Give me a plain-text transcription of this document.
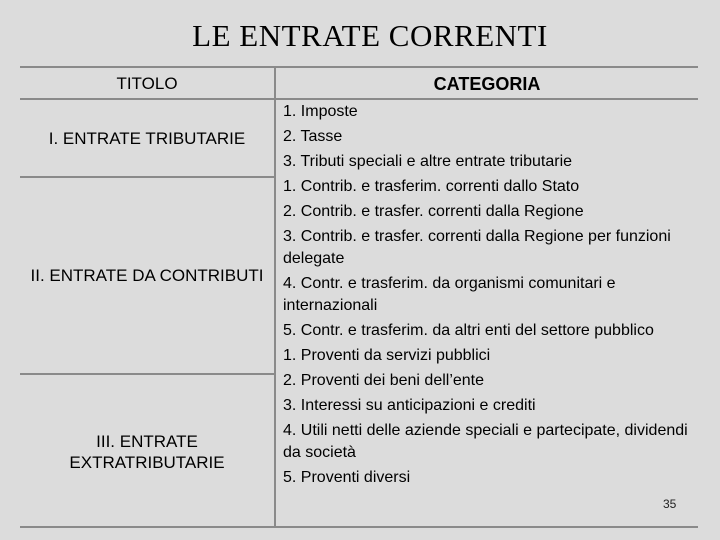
LE ENTRATE CORRENTI
TITOLO	CATEGORIA
I. ENTRATE TRIBUTARIE
II. ENTRATE DA CONTRIBUTI
III. ENTRATE EXTRATRIBUTARIE
1. Imposte
2. Tasse
3. Tributi speciali e altre entrate tributarie
1. Contrib. e trasferim. correnti dallo Stato
2. Contrib. e trasfer. correnti dalla Regione
3. Contrib. e trasfer. correnti dalla Regione per funzioni delegate
4. Contr. e trasferim. da organismi comunitari e internazionali
5. Contr. e trasferim. da altri enti del settore pubblico
1. Proventi da servizi pubblici
2. Proventi dei beni dell’ente
3. Interessi su anticipazioni e crediti
4. Utili netti delle aziende speciali e partecipate, dividendi da società
5. Proventi diversi
35
